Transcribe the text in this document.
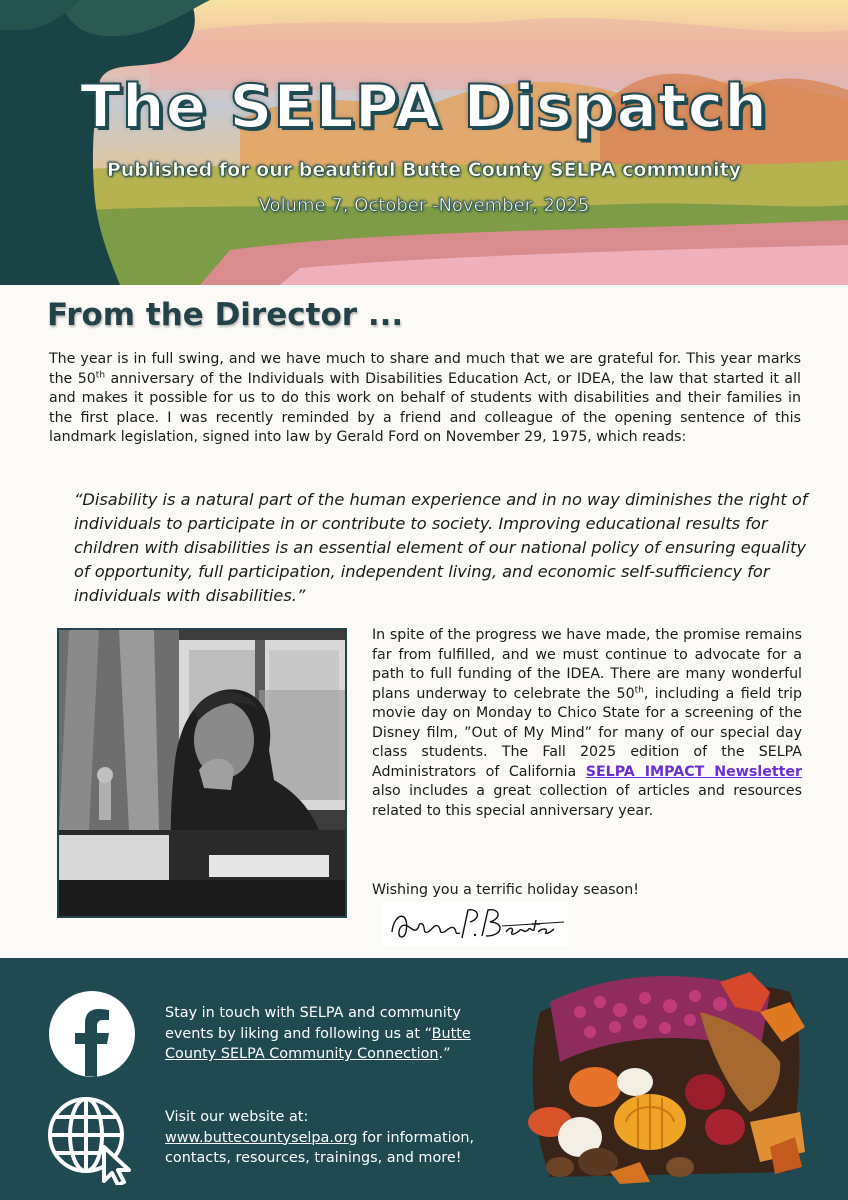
The SELPA Dispatch
Published for our beautiful Butte County SELPA community
Volume 7, October -November, 2025
From the Director ...

The year is in full swing, and we have much to share and much that we are grateful for. This year marks the 50th anniversary of the Individuals with Disabilities Education Act, or IDEA, the law that started it all and makes it possible for us to do this work on behalf of students with disabilities and their families in the first place. I was recently reminded by a friend and colleague of the opening sentence of this landmark legislation, signed into law by Gerald Ford on November 29, 1975, which reads:

“Disability is a natural part of the human experience and in no way diminishes the right of individuals to participate in or contribute to society. Improving educational results for children with disabilities is an essential element of our national policy of ensuring equality of opportunity, full participation, independent living, and economic self-sufficiency for individuals with disabilities.”

In spite of the progress we have made, the promise remains far from fulfilled, and we must continue to advocate for a path to full funding of the IDEA. There are many wonderful plans underway to celebrate the 50th, including a field trip movie day on Monday to Chico State for a screening of the Disney film, ”Out of My Mind” for many of our special day class students. The Fall 2025 edition of the SELPA Administrators of California SELPA IMPACT Newsletter also includes a great collection of articles and resources related to this special anniversary year.

Wishing you a terrific holiday season!

Stay in touch with SELPA and community events by liking and following us at “Butte County SELPA Community Connection.”

Visit our website at:
www.buttecountyselpa.org for information, contacts, resources, trainings, and more!
